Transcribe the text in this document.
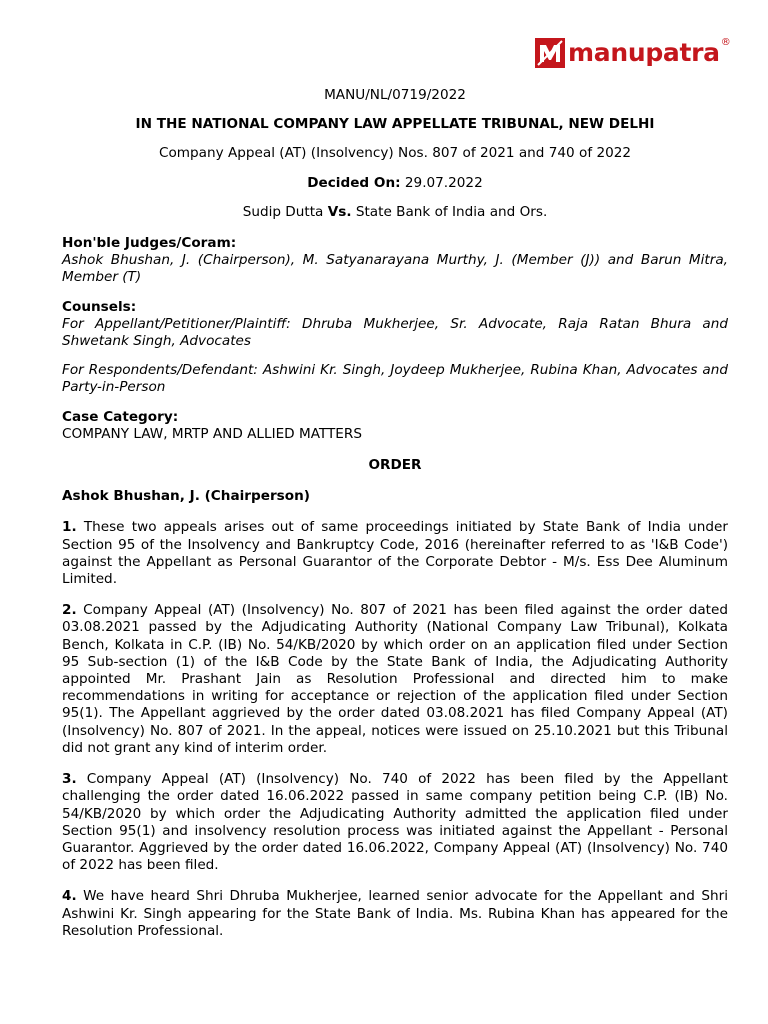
manupatra ®

MANU/NL/0719/2022

IN THE NATIONAL COMPANY LAW APPELLATE TRIBUNAL, NEW DELHI

Company Appeal (AT) (Insolvency) Nos. 807 of 2021 and 740 of 2022

Decided On: 29.07.2022

Sudip Dutta Vs. State Bank of India and Ors.

Hon'ble Judges/Coram:

Ashok Bhushan, J. (Chairperson), M. Satyanarayana Murthy, J. (Member (J)) and Barun Mitra, Member (T)

Counsels:

For Appellant/Petitioner/Plaintiff: Dhruba Mukherjee, Sr. Advocate, Raja Ratan Bhura and Shwetank Singh, Advocates

For Respondents/Defendant: Ashwini Kr. Singh, Joydeep Mukherjee, Rubina Khan, Advocates and Party-in-Person

Case Category:

COMPANY LAW, MRTP AND ALLIED MATTERS

ORDER

Ashok Bhushan, J. (Chairperson)

1. These two appeals arises out of same proceedings initiated by State Bank of India under Section 95 of the Insolvency and Bankruptcy Code, 2016 (hereinafter referred to as 'I&B Code') against the Appellant as Personal Guarantor of the Corporate Debtor - M/s. Ess Dee Aluminum Limited.

2. Company Appeal (AT) (Insolvency) No. 807 of 2021 has been filed against the order dated 03.08.2021 passed by the Adjudicating Authority (National Company Law Tribunal), Kolkata Bench, Kolkata in C.P. (IB) No. 54/KB/2020 by which order on an application filed under Section 95 Sub-section (1) of the I&B Code by the State Bank of India, the Adjudicating Authority appointed Mr. Prashant Jain as Resolution Professional and directed him to make recommendations in writing for acceptance or rejection of the application filed under Section 95(1). The Appellant aggrieved by the order dated 03.08.2021 has filed Company Appeal (AT) (Insolvency) No. 807 of 2021. In the appeal, notices were issued on 25.10.2021 but this Tribunal did not grant any kind of interim order.

3. Company Appeal (AT) (Insolvency) No. 740 of 2022 has been filed by the Appellant challenging the order dated 16.06.2022 passed in same company petition being C.P. (IB) No. 54/KB/2020 by which order the Adjudicating Authority admitted the application filed under Section 95(1) and insolvency resolution process was initiated against the Appellant - Personal Guarantor. Aggrieved by the order dated 16.06.2022, Company Appeal (AT) (Insolvency) No. 740 of 2022 has been filed.

4. We have heard Shri Dhruba Mukherjee, learned senior advocate for the Appellant and Shri Ashwini Kr. Singh appearing for the State Bank of India. Ms. Rubina Khan has appeared for the Resolution Professional.
